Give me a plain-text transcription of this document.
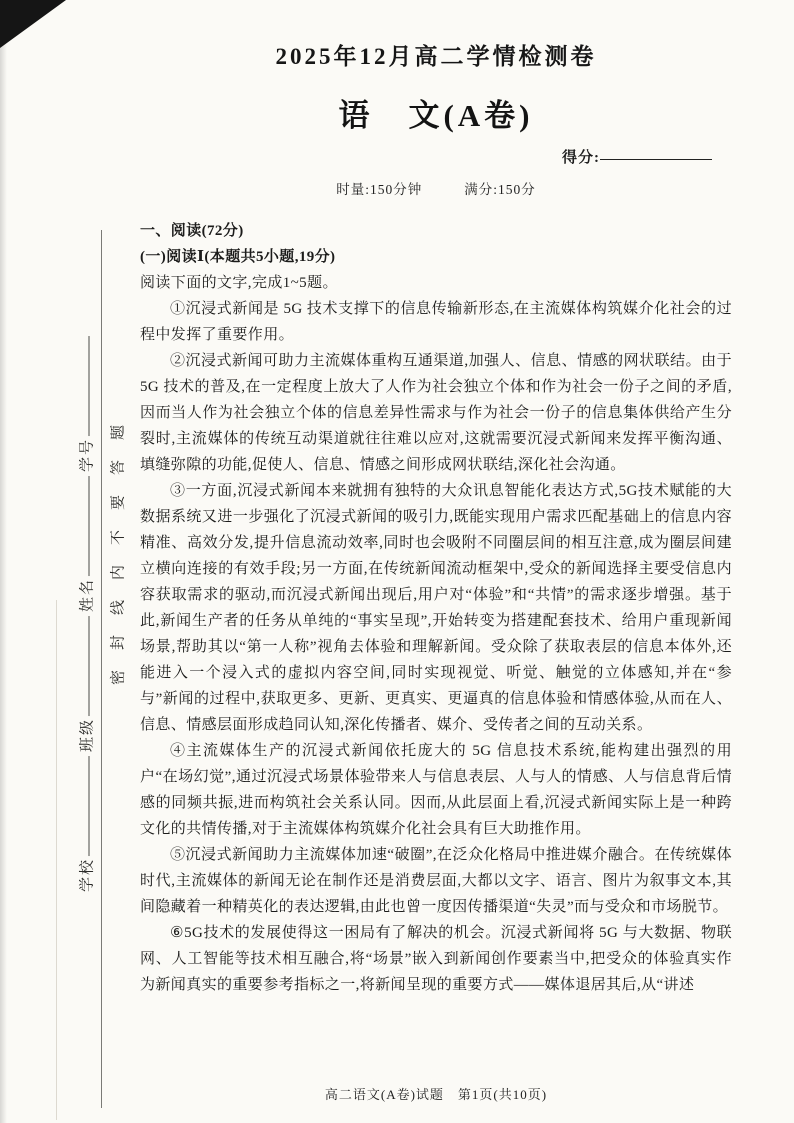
学校
班级
姓名
学号 密封线内不要答题
2025年12月高二学情检测卷
语　文(A卷)
得分:
时量:150分钟	满分:150分

一、阅读(72分)

(一)阅读Ⅰ(本题共5小题,19分)

阅读下面的文字,完成1~5题。

①沉浸式新闻是 5G 技术支撑下的信息传输新形态,在主流媒体构筑媒介化社会的过程中发挥了重要作用。

②沉浸式新闻可助力主流媒体重构互通渠道,加强人、信息、情感的网状联结。由于 5G 技术的普及,在一定程度上放大了人作为社会独立个体和作为社会一份子之间的矛盾,因而当人作为社会独立个体的信息差异性需求与作为社会一份子的信息集体供给产生分裂时,主流媒体的传统互动渠道就往往难以应对,这就需要沉浸式新闻来发挥平衡沟通、填缝弥隙的功能,促使人、信息、情感之间形成网状联结,深化社会沟通。

③一方面,沉浸式新闻本来就拥有独特的大众讯息智能化表达方式,5G技术赋能的大数据系统又进一步强化了沉浸式新闻的吸引力,既能实现用户需求匹配基础上的信息内容精准、高效分发,提升信息流动效率,同时也会吸附不同圈层间的相互注意,成为圈层间建立横向连接的有效手段;另一方面,在传统新闻流动框架中,受众的新闻选择主要受信息内容获取需求的驱动,而沉浸式新闻出现后,用户对“体验”和“共情”的需求逐步增强。基于此,新闻生产者的任务从单纯的“事实呈现”,开始转变为搭建配套技术、给用户重现新闻场景,帮助其以“第一人称”视角去体验和理解新闻。受众除了获取表层的信息本体外,还能进入一个浸入式的虚拟内容空间,同时实现视觉、听觉、触觉的立体感知,并在“参与”新闻的过程中,获取更多、更新、更真实、更逼真的信息体验和情感体验,从而在人、信息、情感层面形成趋同认知,深化传播者、媒介、受传者之间的互动关系。

④主流媒体生产的沉浸式新闻依托庞大的 5G 信息技术系统,能构建出强烈的用户“在场幻觉”,通过沉浸式场景体验带来人与信息表层、人与人的情感、人与信息背后情感的同频共振,进而构筑社会关系认同。因而,从此层面上看,沉浸式新闻实际上是一种跨文化的共情传播,对于主流媒体构筑媒介化社会具有巨大助推作用。

⑤沉浸式新闻助力主流媒体加速“破圈”,在泛众化格局中推进媒介融合。在传统媒体时代,主流媒体的新闻无论在制作还是消费层面,大都以文字、语言、图片为叙事文本,其间隐藏着一种精英化的表达逻辑,由此也曾一度因传播渠道“失灵”而与受众和市场脱节。

⑥5G技术的发展使得这一困局有了解决的机会。沉浸式新闻将 5G 与大数据、物联网、人工智能等技术相互融合,将“场景”嵌入到新闻创作要素当中,把受众的体验真实作为新闻真实的重要参考指标之一,将新闻呈现的重要方式——媒体退居其后,从“讲述

高二语文(A卷)试题　第1页(共10页)
